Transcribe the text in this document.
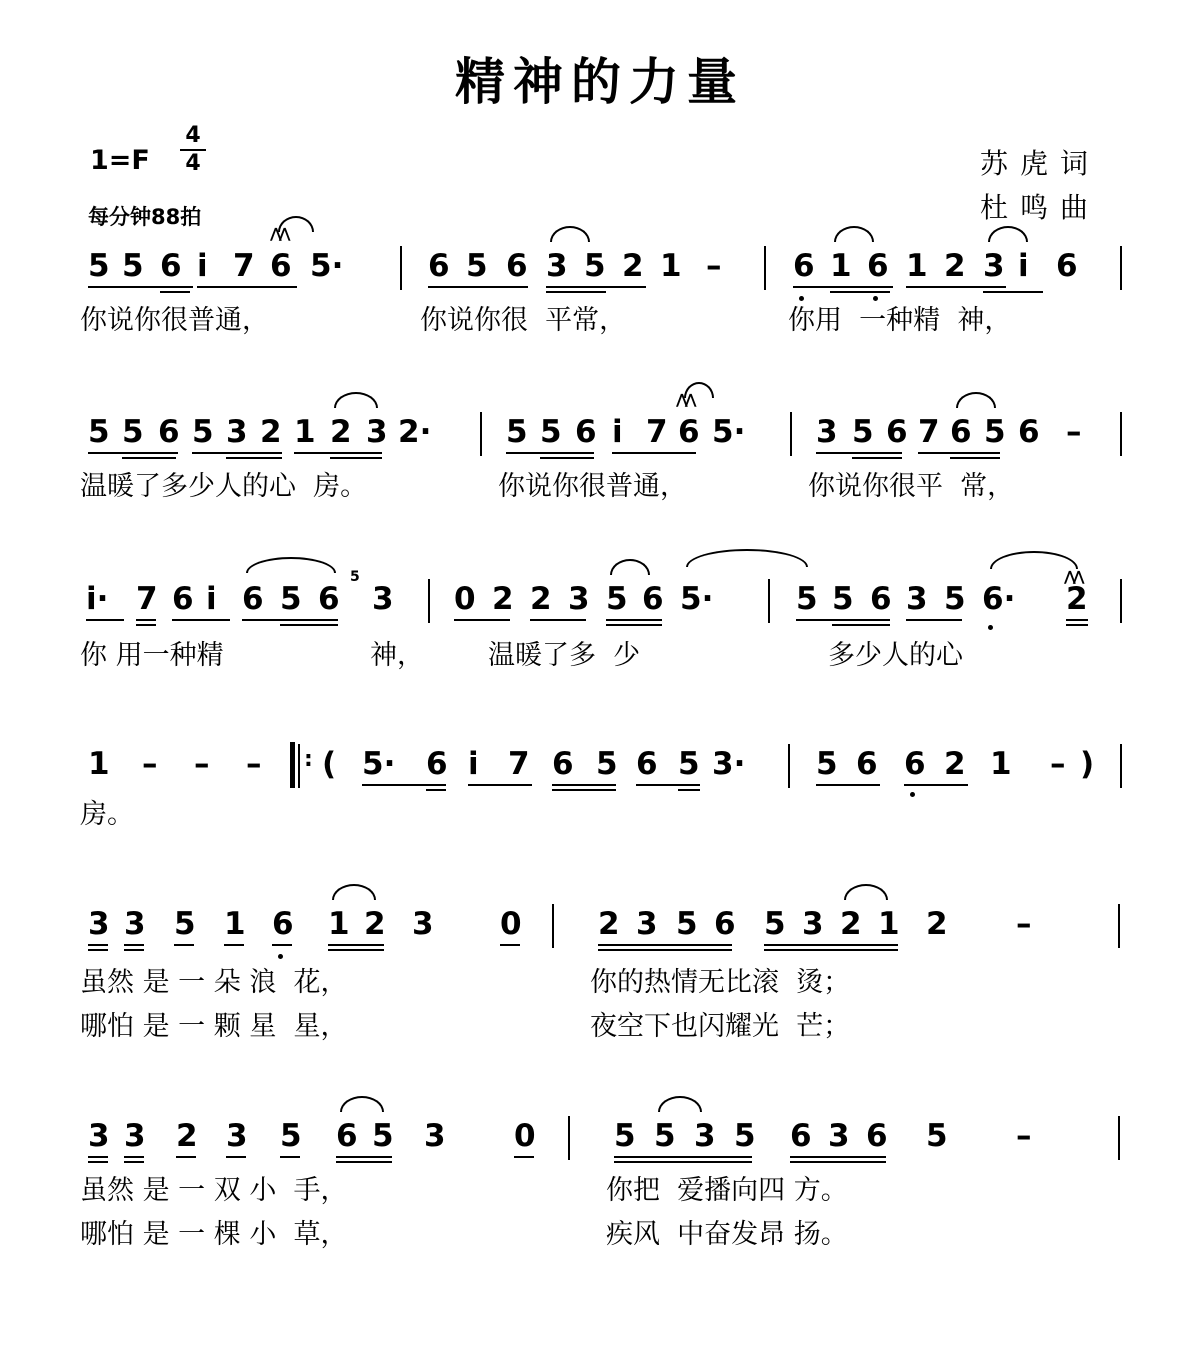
精神的力量
1=F
4
4
每分钟88拍
苏虎词
杜鸣曲
5 5 6 i 7 6 5·	6 5 6 3 5 2 1 – 6 1 6 1 2 3 i 6
⋀⋀
你说你很普通，	你说你很  平常，	你用  一种精  神，
5 5 6 5 3 2 1 2 3 2· 5 5 6 i 7 6 5· 3 5 6 7 6 5 6 –
⋀⋀
温暖了多少人的心  房。	你说你很普通，	你说你很平  常，
i· 7 6 i 6 5 6
5
3 0 2 2 3 5 6 5·	5 5 6 3 5 6· 2
⋀⋀
你 用一种精	神， 温暖了多  少	多少人的心
1 – – – : ( 5· 6 i 7 6 5 6 5 3· 5 6 6 2 1 – )
房。
3 3 5 1 6 1 2 3 0 2 3 5 6 5 3 2 1 2 –
虽然 是 一 朵 浪  花，	你的热情无比滚  烫；
哪怕 是 一 颗 星  星，	夜空下也闪耀光  芒；
3 3 2 3 5 6 5 3 0	5 5 3 5 6 3 6 5 –
虽然 是 一 双 小  手，	你把  爱播向四 方。
哪怕 是 一 棵 小  草，	疾风  中奋发昂 扬。
